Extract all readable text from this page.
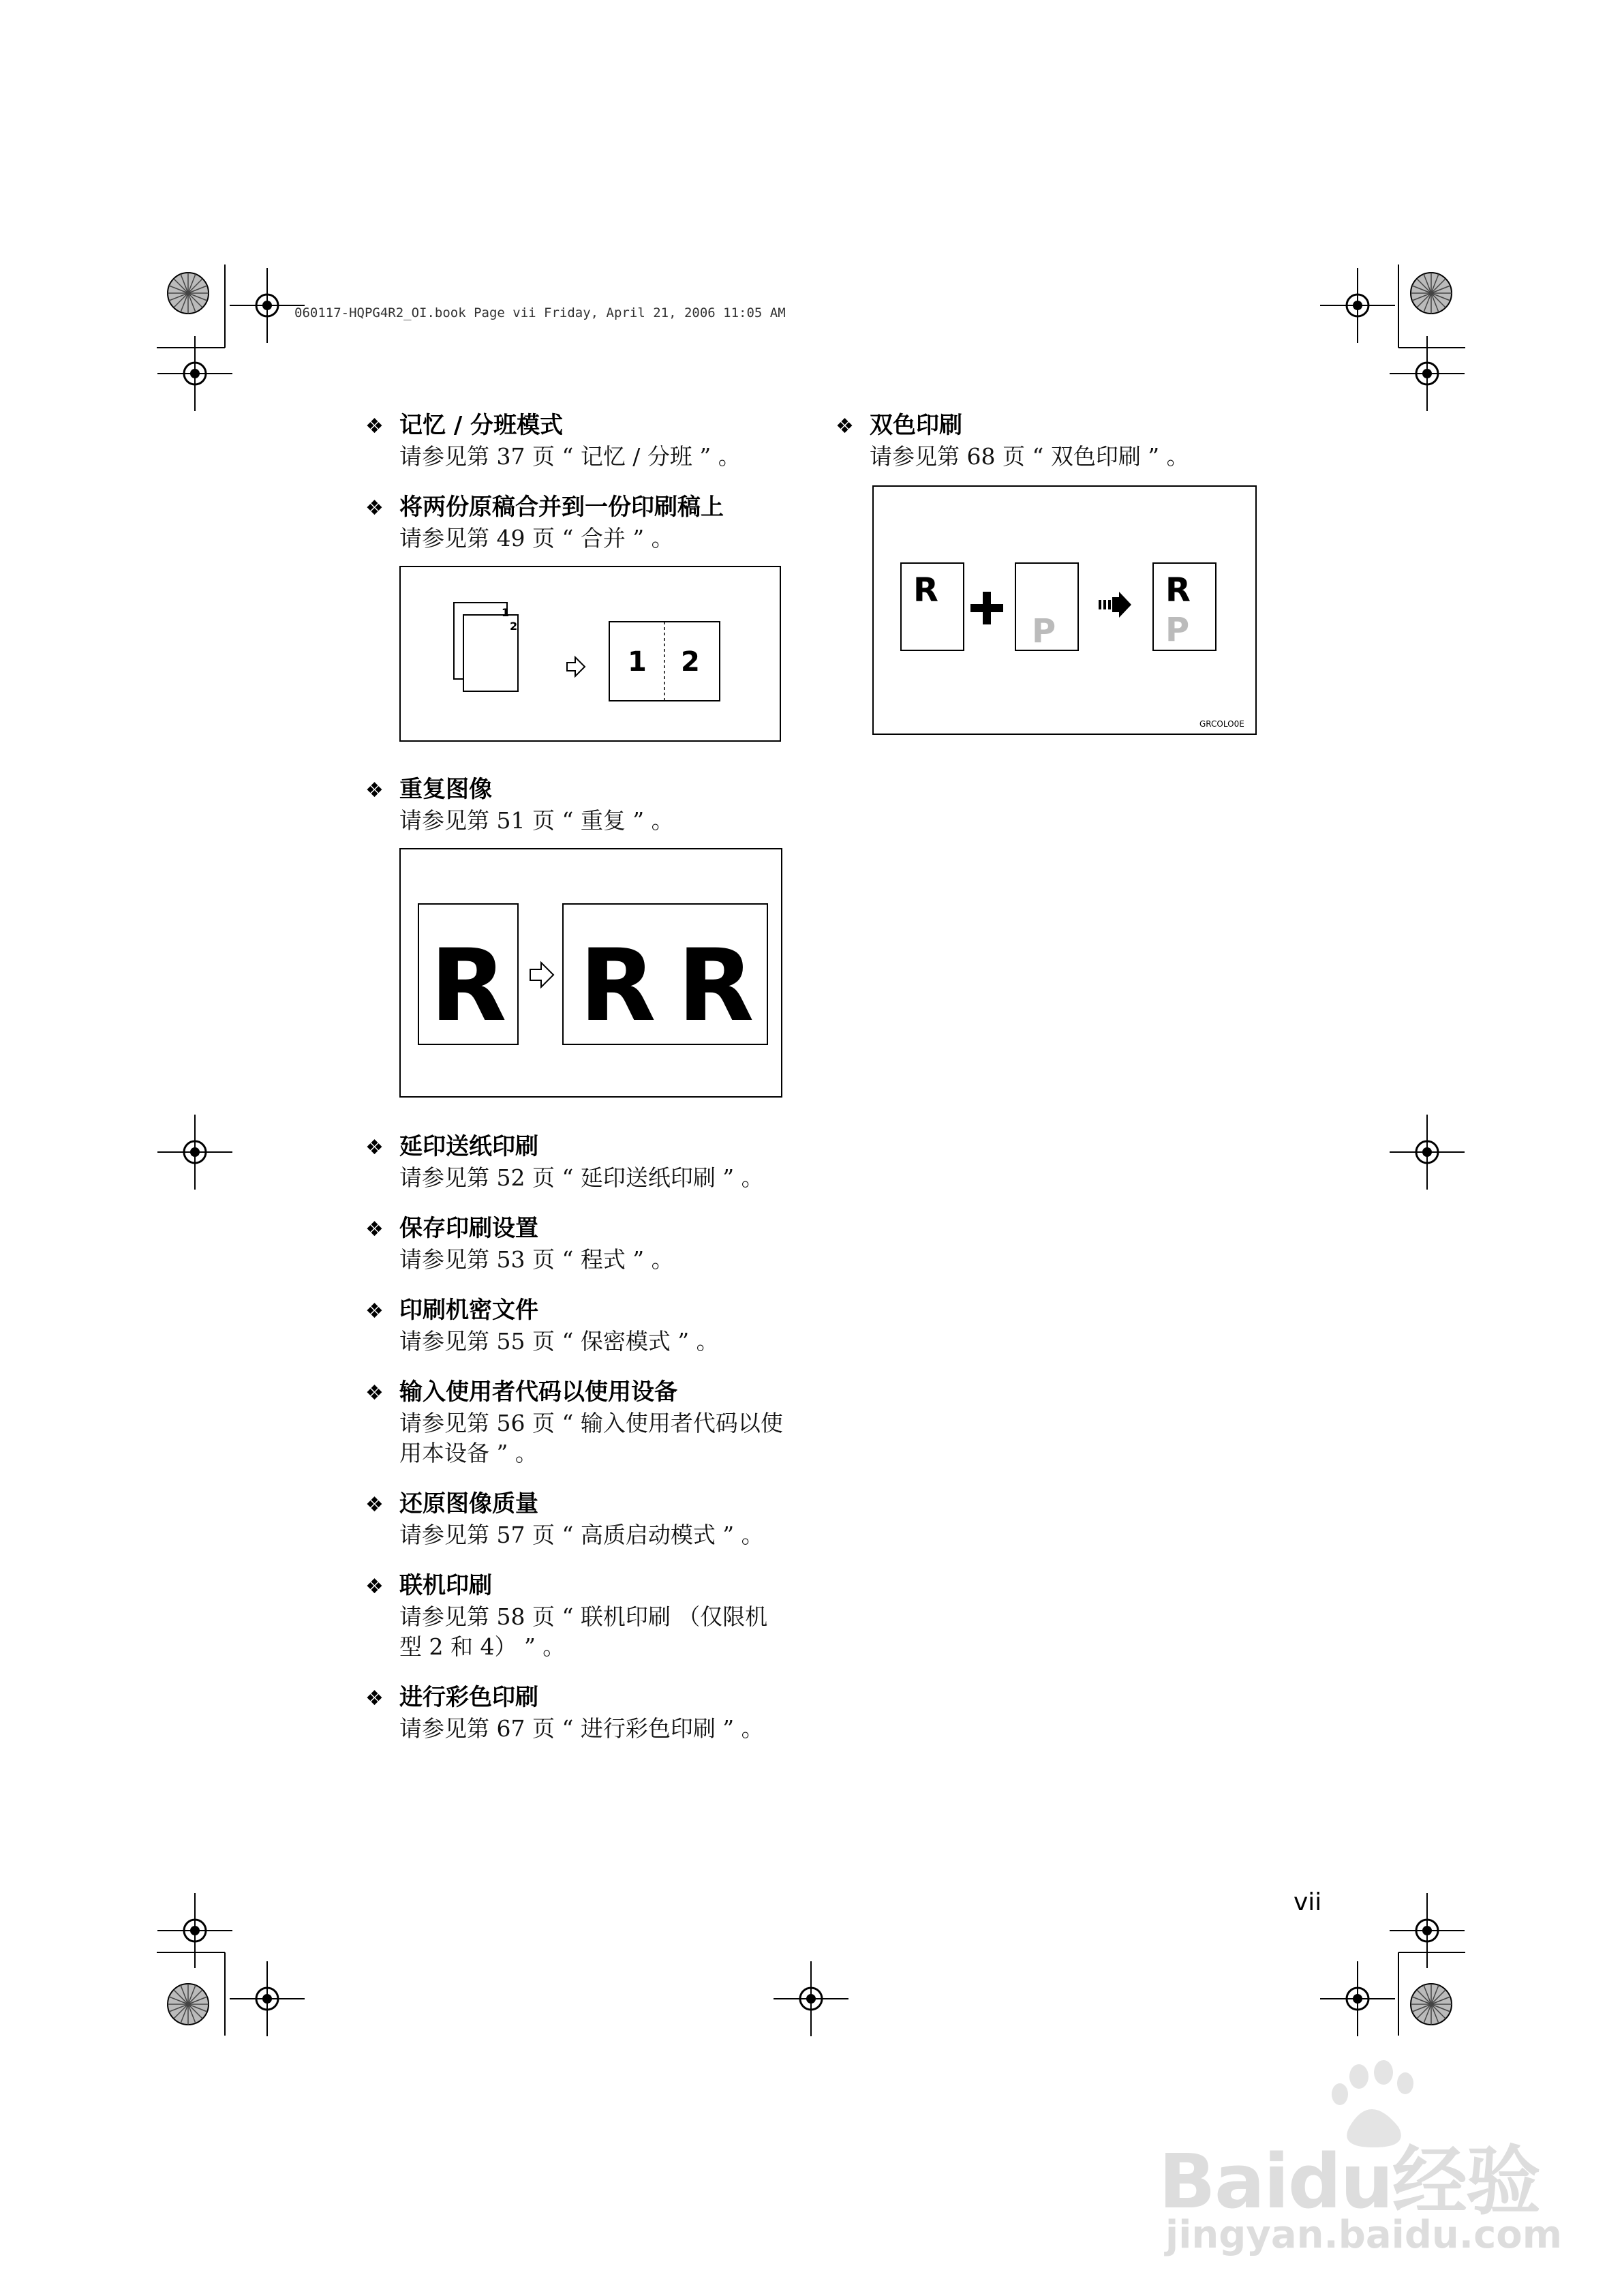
060117-HQPG4R2_OI.book Page vii Friday, April 21, 2006 11:05 AM
❖ 记忆 / 分班模式
请参见第 37 页 “ 记忆 / 分班 ” 。
❖ 将两份原稿合并到一份印刷稿上
请参见第 49 页 “ 合并 ” 。
1
2
1 2
❖ 重复图像
请参见第 51 页 “ 重复 ” 。
R R R
❖ 延印送纸印刷
请参见第 52 页 “ 延印送纸印刷 ” 。
❖ 保存印刷设置
请参见第 53 页 “ 程式 ” 。
❖ 印刷机密文件
请参见第 55 页 “ 保密模式 ” 。
❖ 输入使用者代码以使用设备
请参见第 56 页 “ 输入使用者代码以使用本设备 ” 。
❖ 还原图像质量
请参见第 57 页 “ 高质启动模式 ” 。
❖ 联机印刷
请参见第 58 页 “ 联机印刷 （仅限机型 2 和 4） ” 。
❖ 进行彩色印刷
请参见第 67 页 “ 进行彩色印刷 ” 。
❖ 双色印刷
请参见第 68 页 “ 双色印刷 ” 。
R
P
R
P
GRCOLO0E
vii
Baidu经验
jingyan.baidu.com
